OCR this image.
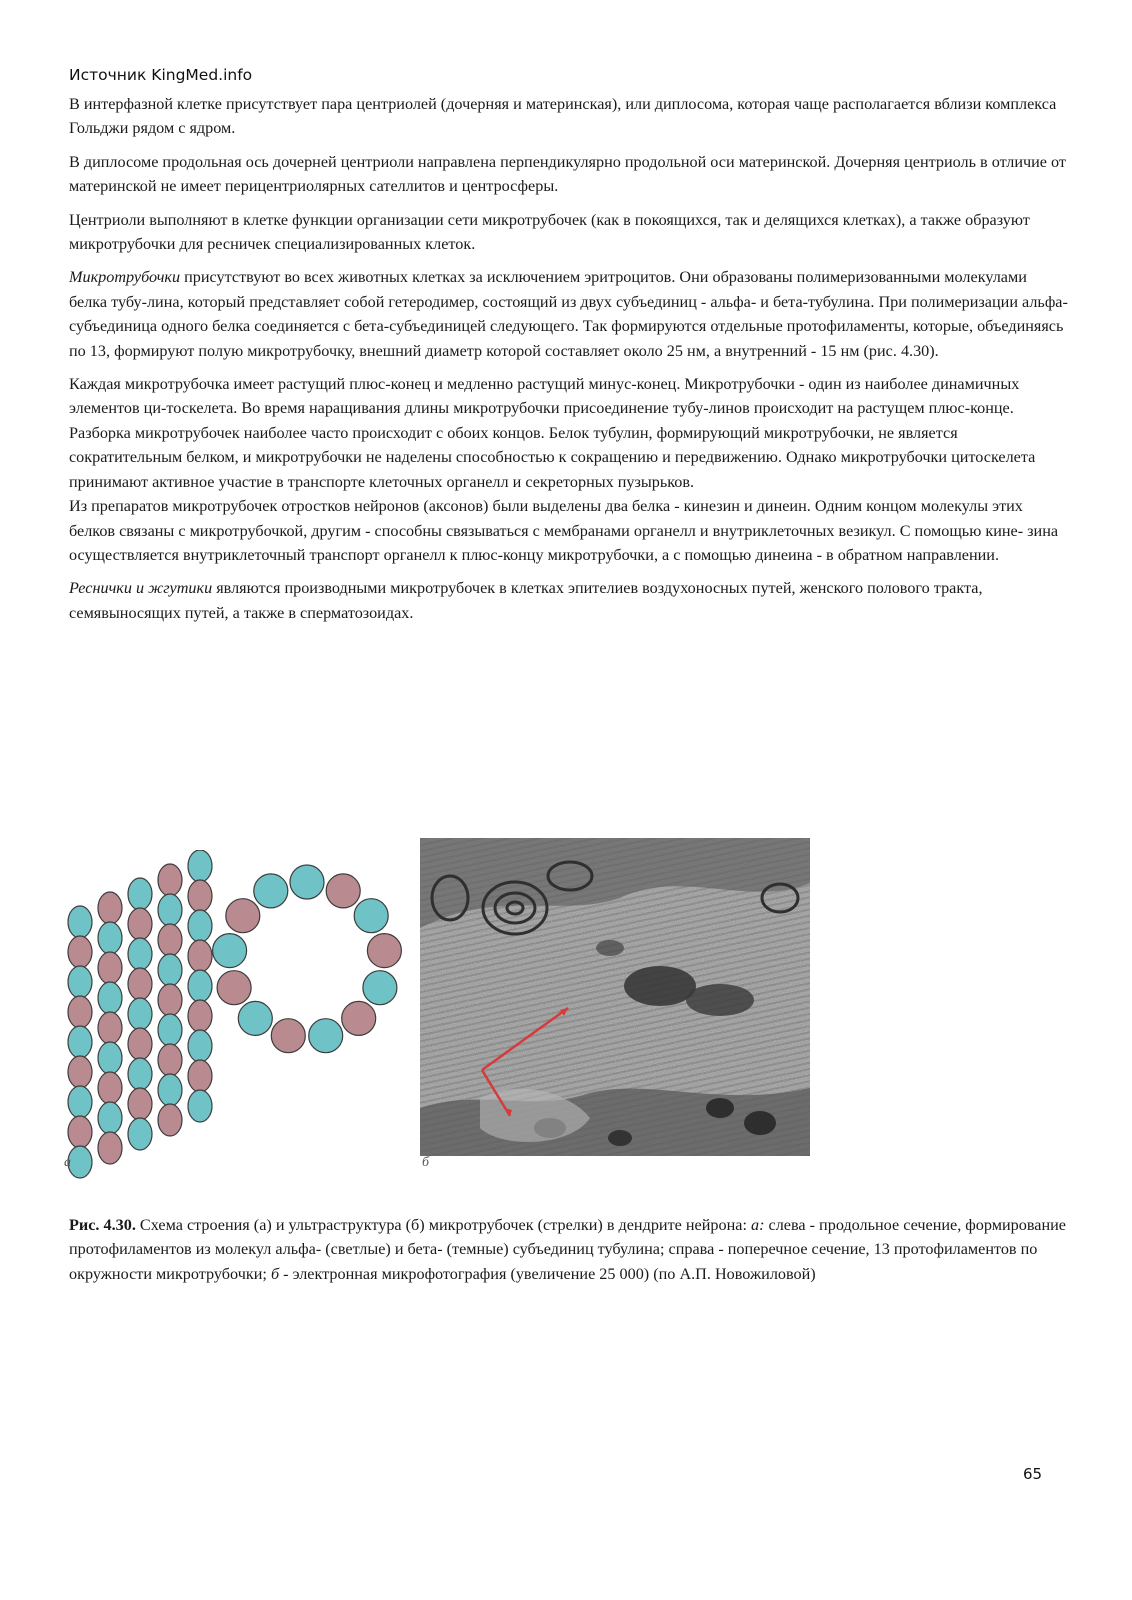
Источник KingMed.info

В интерфазной клетке присутствует пара центриолей (дочерняя и материнская), или диплосома, которая чаще располагается вблизи комплекса Гольджи рядом с ядром.

В диплосоме продольная ось дочерней центриоли направлена перпендикулярно продольной оси материнской. Дочерняя центриоль в отличие от материнской не имеет перицентриолярных сателлитов и центросферы.

Центриоли выполняют в клетке функции организации сети микротрубочек (как в покоящихся, так и делящихся клетках), а также образуют микротрубочки для ресничек специализированных клеток.

Микротрубочки присутствуют во всех животных клетках за исключением эритроцитов. Они образованы полимеризованными молекулами белка тубу-лина, который представляет собой гетеродимер, состоящий из двух субъединиц - альфа- и бета-тубулина. При полимеризации альфа-субъединица одного белка соединяется с бета-субъединицей следующего. Так формируются отдельные протофиламенты, которые, объединяясь по 13, формируют полую микротрубочку, внешний диаметр которой составляет около 25 нм, а внутренний - 15 нм (рис. 4.30).

Каждая микротрубочка имеет растущий плюс-конец и медленно растущий минус-конец. Микротрубочки - один из наиболее динамичных элементов ци-тоскелета. Во время наращивания длины микротрубочки присоединение тубу-линов происходит на растущем плюс-конце. Разборка микротрубочек наиболее часто происходит с обоих концов. Белок тубулин, формирующий микротрубочки, не является сократительным белком, и микротрубочки не наделены способностью к сокращению и передвижению. Однако микротрубочки цитоскелета принимают активное участие в транспорте клеточных органелл и секреторных пузырьков.

Из препаратов микротрубочек отростков нейронов (аксонов) были выделены два белка - кинезин и динеин. Одним концом молекулы этих белков связаны с микротрубочкой, другим - способны связываться с мембранами органелл и внутриклеточных везикул. С помощью кине- зина осуществляется внутриклеточный транспорт органелл к плюс-концу микротрубочки, а с помощью динеина - в обратном направлении.

Реснички и жгутики являются производными микротрубочек в клетках эпителиев воздухоносных путей, женского полового тракта, семявыносящих путей, а также в сперматозоидах.

а	б
Рис. 4.30. Схема строения (а) и ультраструктура (б) микротрубочек (стрелки) в дендрите нейрона: а: слева - продольное сечение, формирование протофиламентов из молекул альфа- (светлые) и бета- (темные) субъединиц тубулина; справа - поперечное сечение, 13 протофиламентов по окружности микротрубочки; б - электронная микрофотография (увеличение 25 000) (по А.П. Новожиловой)
65
